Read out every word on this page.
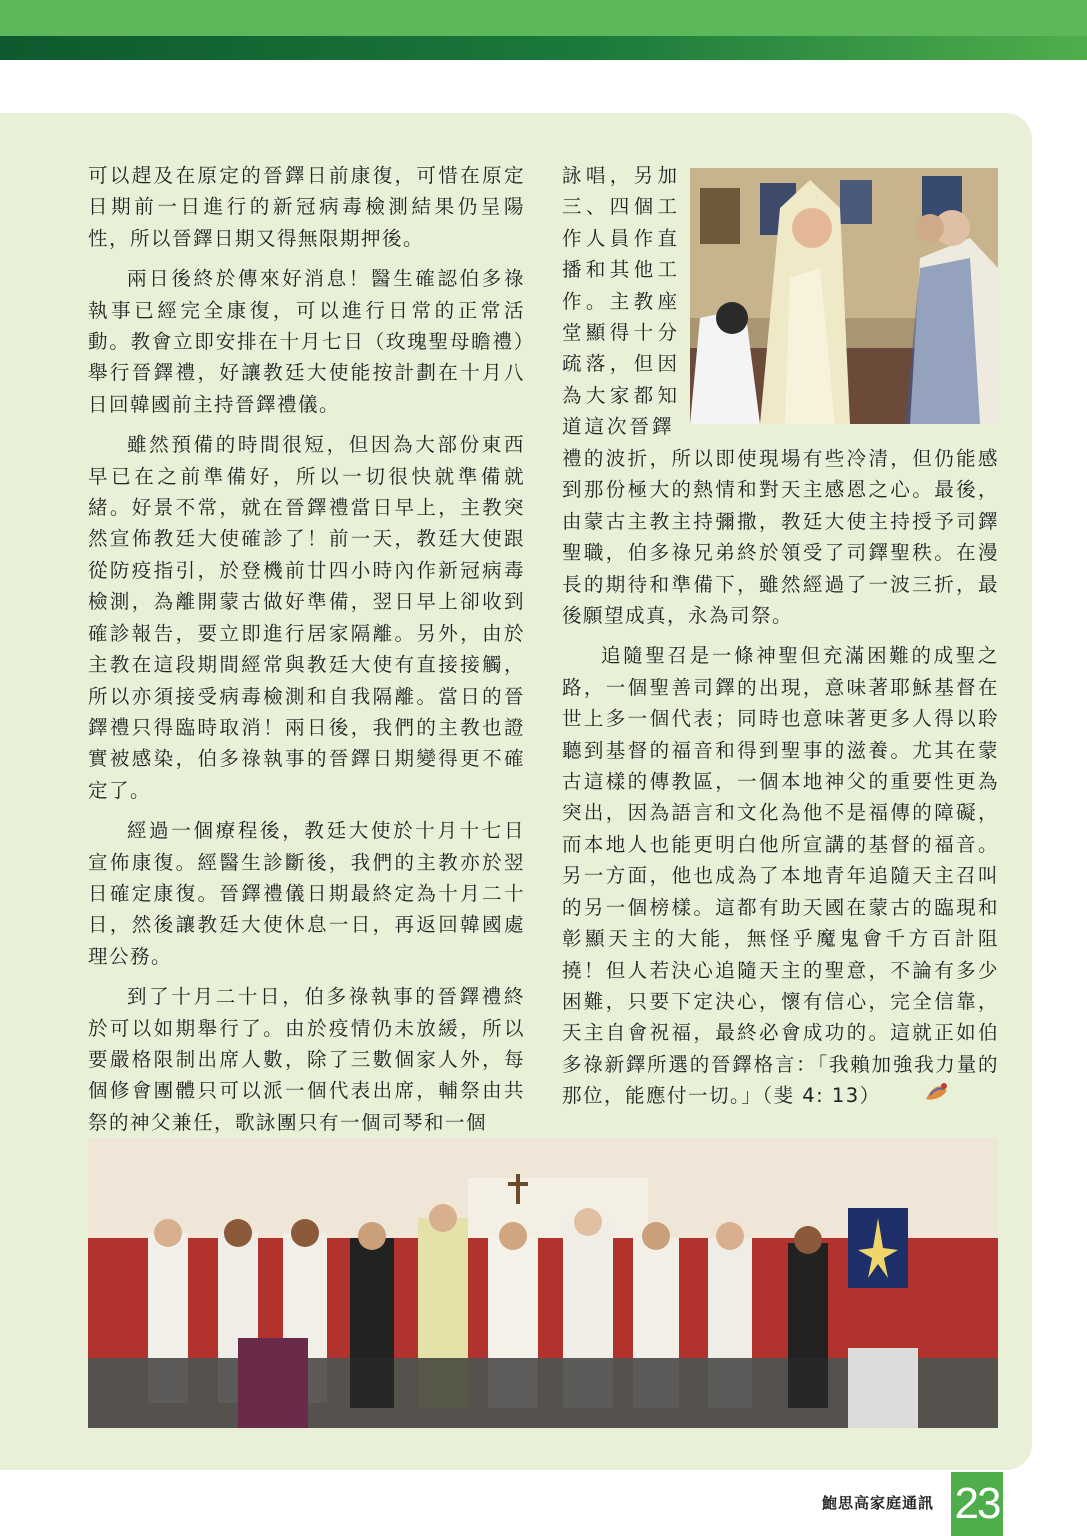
可以趕及在原定的晉鐸日前康復，可惜在原定日期前一日進行的新冠病毒檢測結果仍呈陽性，所以晉鐸日期又得無限期押後。

兩日後終於傳來好消息！醫生確認伯多祿執事已經完全康復，可以進行日常的正常活動。教會立即安排在十月七日（玫瑰聖母瞻禮）舉行晉鐸禮，好讓教廷大使能按計劃在十月八日回韓國前主持晉鐸禮儀。

雖然預備的時間很短，但因為大部份東西早已在之前準備好，所以一切很快就準備就緒。好景不常，就在晉鐸禮當日早上，主教突然宣佈教廷大使確診了！前一天，教廷大使跟從防疫指引，於登機前廿四小時內作新冠病毒檢測，為離開蒙古做好準備，翌日早上卻收到確診報告，要立即進行居家隔離。另外，由於主教在這段期間經常與教廷大使有直接接觸，所以亦須接受病毒檢測和自我隔離。當日的晉鐸禮只得臨時取消！兩日後，我們的主教也證實被感染，伯多祿執事的晉鐸日期變得更不確定了。

經過一個療程後，教廷大使於十月十七日宣佈康復。經醫生診斷後，我們的主教亦於翌日確定康復。晉鐸禮儀日期最終定為十月二十日，然後讓教廷大使休息一日，再返回韓國處理公務。

到了十月二十日，伯多祿執事的晉鐸禮終於可以如期舉行了。由於疫情仍未放緩，所以要嚴格限制出席人數，除了三數個家人外，每個修會團體只可以派一個代表出席，輔祭由共祭的神父兼任，歌詠團只有一個司琴和一個

詠唱，另加三、四個工作人員作直播和其他工作。主教座堂顯得十分疏落，但因為大家都知道這次晉鐸

禮的波折，所以即使現場有些冷清，但仍能感到那份極大的熱情和對天主感恩之心。最後，由蒙古主教主持彌撒，教廷大使主持授予司鐸聖職，伯多祿兄弟終於領受了司鐸聖秩。在漫長的期待和準備下，雖然經過了一波三折，最後願望成真，永為司祭。

追隨聖召是一條神聖但充滿困難的成聖之路，一個聖善司鐸的出現，意味著耶穌基督在世上多一個代表；同時也意味著更多人得以聆聽到基督的福音和得到聖事的滋養。尤其在蒙古這樣的傳教區，一個本地神父的重要性更為突出，因為語言和文化為他不是福傳的障礙，而本地人也能更明白他所宣講的基督的福音。另一方面，他也成為了本地青年追隨天主召叫的另一個榜樣。這都有助天國在蒙古的臨現和彰顯天主的大能，無怪乎魔鬼會千方百計阻撓！但人若決心追隨天主的聖意，不論有多少困難，只要下定決心，懷有信心，完全信靠，天主自會祝福，最終必會成功的。這就正如伯多祿新鐸所選的晉鐸格言：「我賴加強我力量的那位，能應付一切。」（斐 4: 13）

鮑思高家庭通訊 23
